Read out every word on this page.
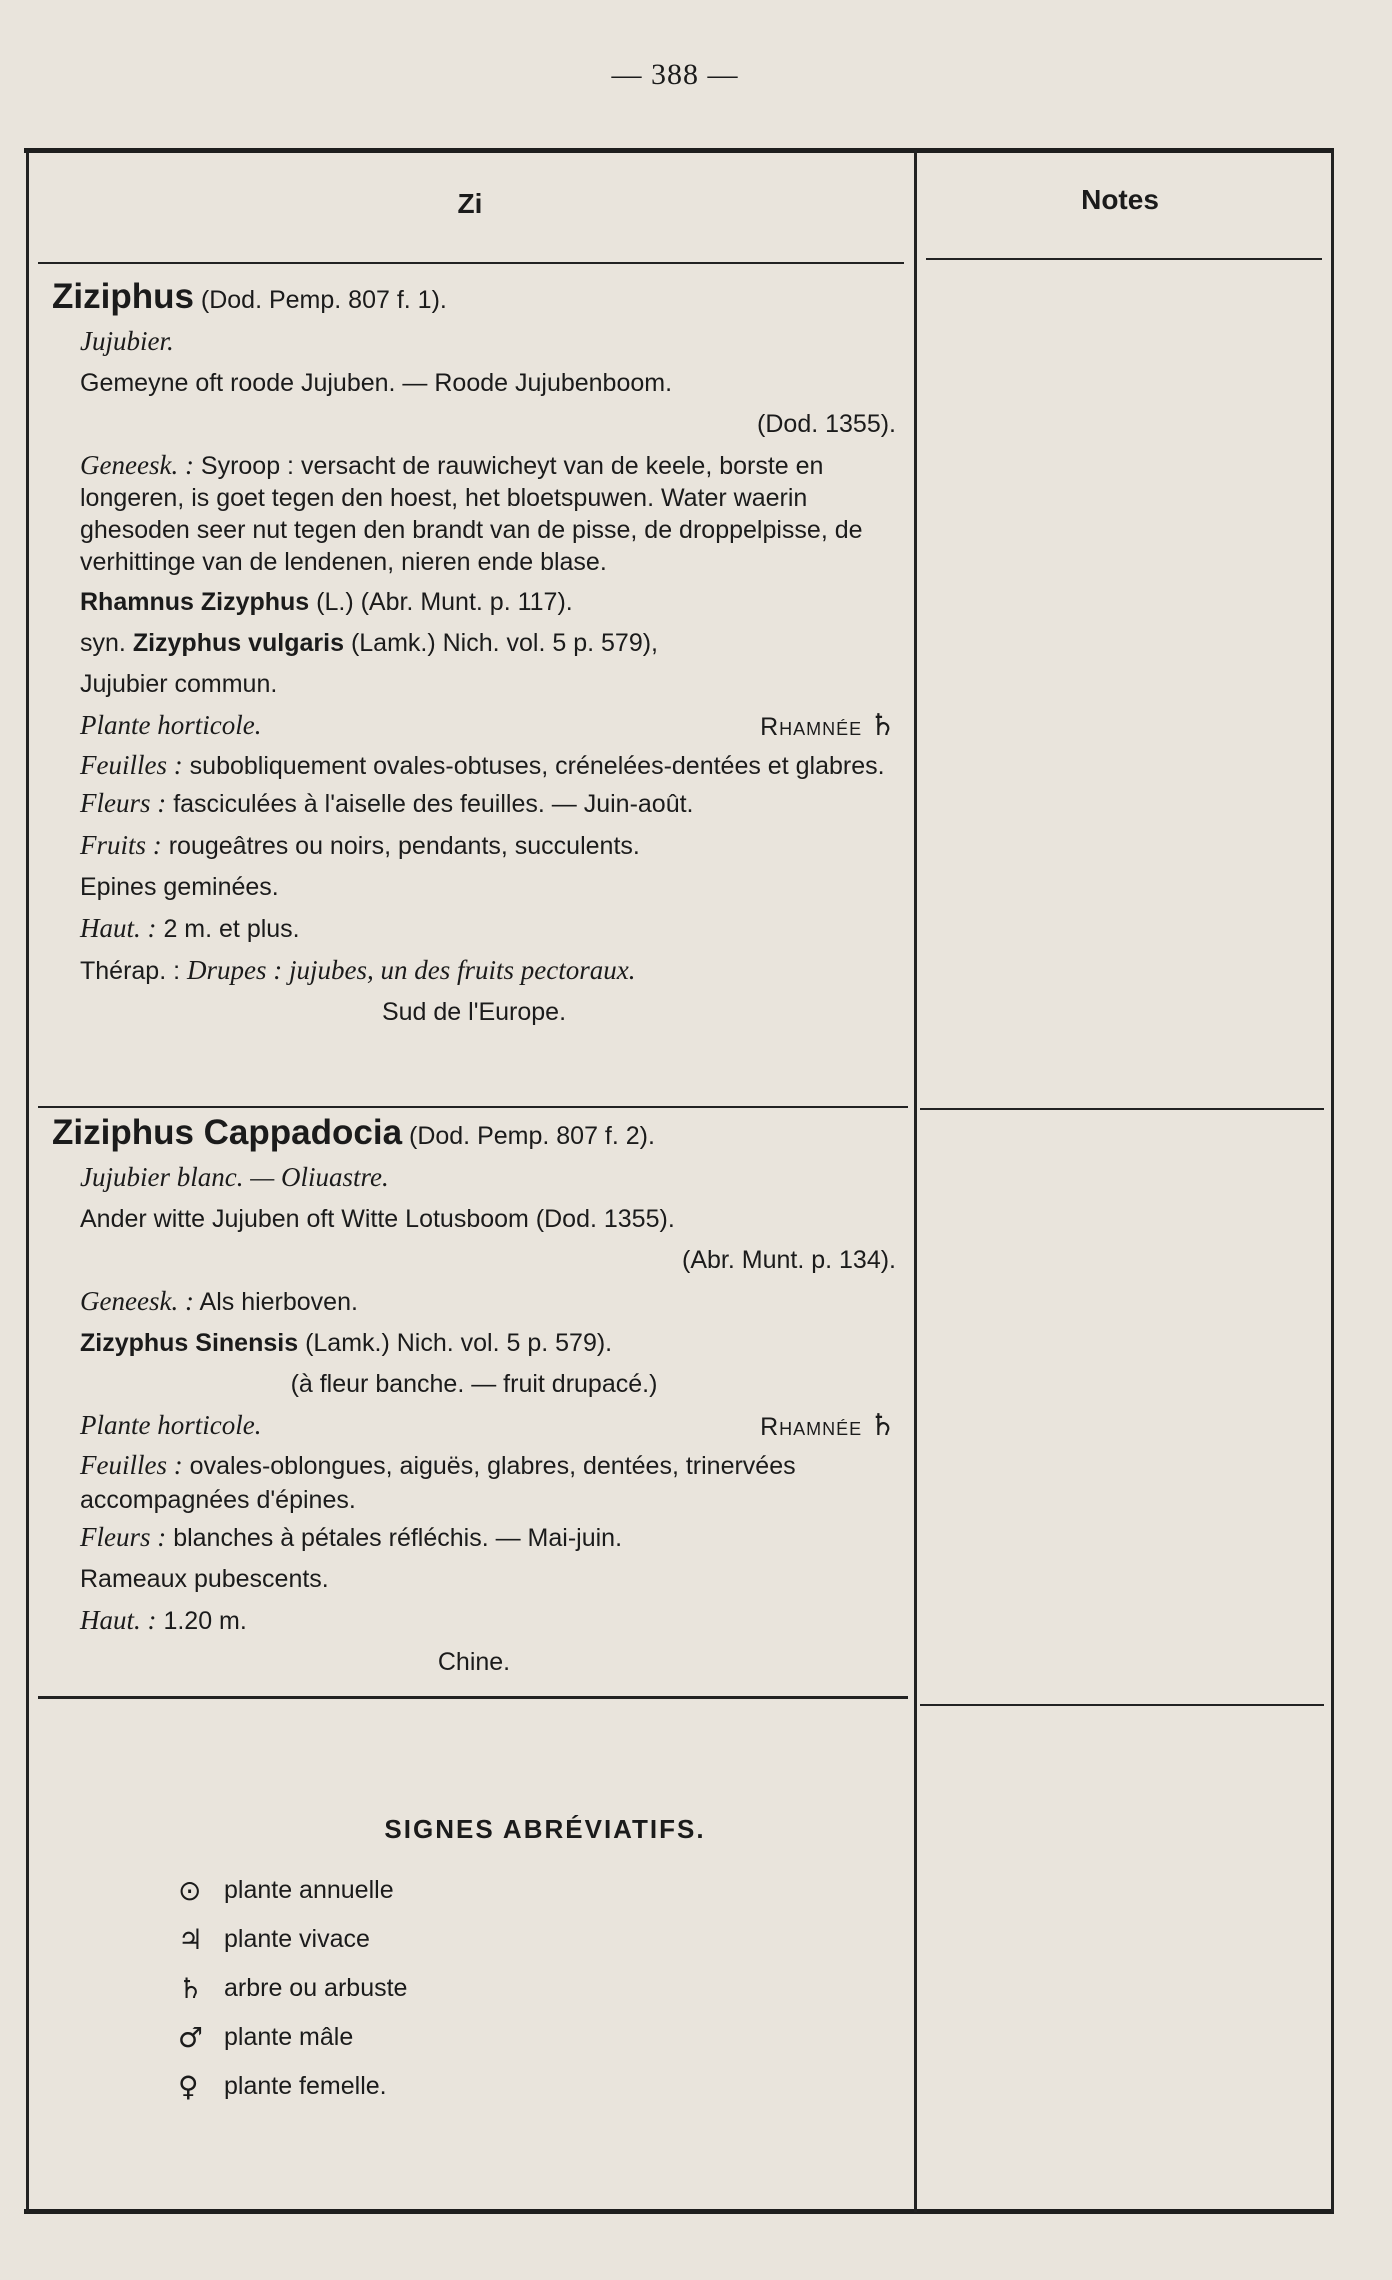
— 388 —
Zi	Notes

Ziziphus (Dod. Pemp. 807 f. 1).

Jujubier.

Gemeyne oft roode Jujuben. — Roode Jujubenboom.

(Dod. 1355).

Geneesk. : Syroop : versacht de rauwicheyt van de keele, borste en longeren, is goet tegen den hoest, het bloetspuwen. Water waerin ghesoden seer nut tegen den brandt van de pisse, de droppelpisse, de verhittinge van de lendenen, nieren ende blase.

Rhamnus Zizyphus (L.) (Abr. Munt. p. 117).

syn. Zizyphus vulgaris (Lamk.) Nich. vol. 5 p. 579),

Jujubier commun.

Plante horticole.	Rhamnée ♄

Feuilles : subobliquement ovales-obtuses, crénelées-dentées et glabres.

Fleurs : fasciculées à l'aiselle des feuilles. — Juin-août.

Fruits : rougeâtres ou noirs, pendants, succulents.

Epines geminées.

Haut. : 2 m. et plus.

Thérap. : Drupes : jujubes, un des fruits pectoraux.

Sud de l'Europe.

Ziziphus Cappadocia (Dod. Pemp. 807 f. 2).

Jujubier blanc. — Oliuastre.

Ander witte Jujuben oft Witte Lotusboom (Dod. 1355).

(Abr. Munt. p. 134).

Geneesk. : Als hierboven.

Zizyphus Sinensis (Lamk.) Nich. vol. 5 p. 579).

(à fleur banche. — fruit drupacé.)

Plante horticole.	Rhamnée ♄

Feuilles : ovales-oblongues, aiguës, glabres, dentées, trinervées accompagnées d'épines.

Fleurs : blanches à pétales réfléchis. — Mai-juin.

Rameaux pubescents.

Haut. : 1.20 m.

Chine.

SIGNES ABRÉVIATIFS.
⊙ plante annuelle
♃ plante vivace
♄ arbre ou arbuste
♂ plante mâle
♀	plante femelle.
